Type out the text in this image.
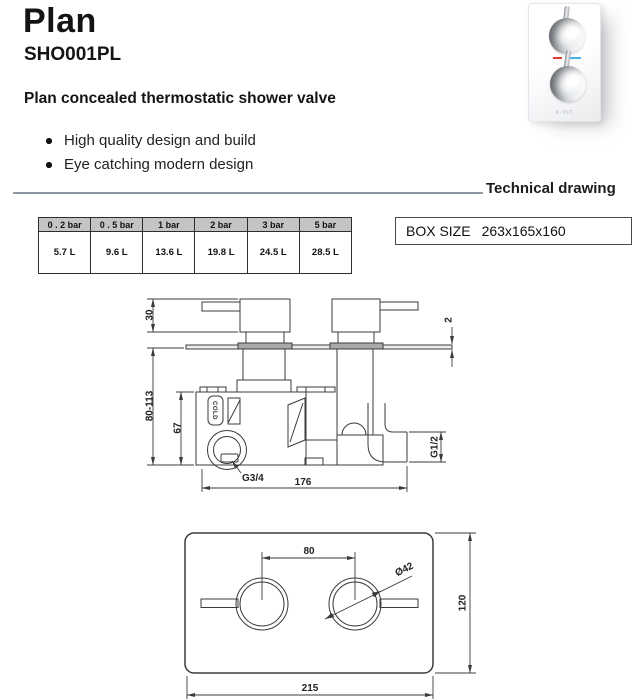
Plan
SHO001PL
K-VIT
Plan concealed thermostatic shower valve
High quality design and build
Eye catching modern design
Technical drawing
0 . 2 bar	0 . 5 bar	1 bar	2 bar	3 bar	5 bar
5.7 L	9.6 L	13.6 L	19.8 L	24.5 L	28.5 L
BOX SIZE 263x165x160
30
80-113
67
2
G1/2
G3/4	176
COLD
80
Ø42
120
215
